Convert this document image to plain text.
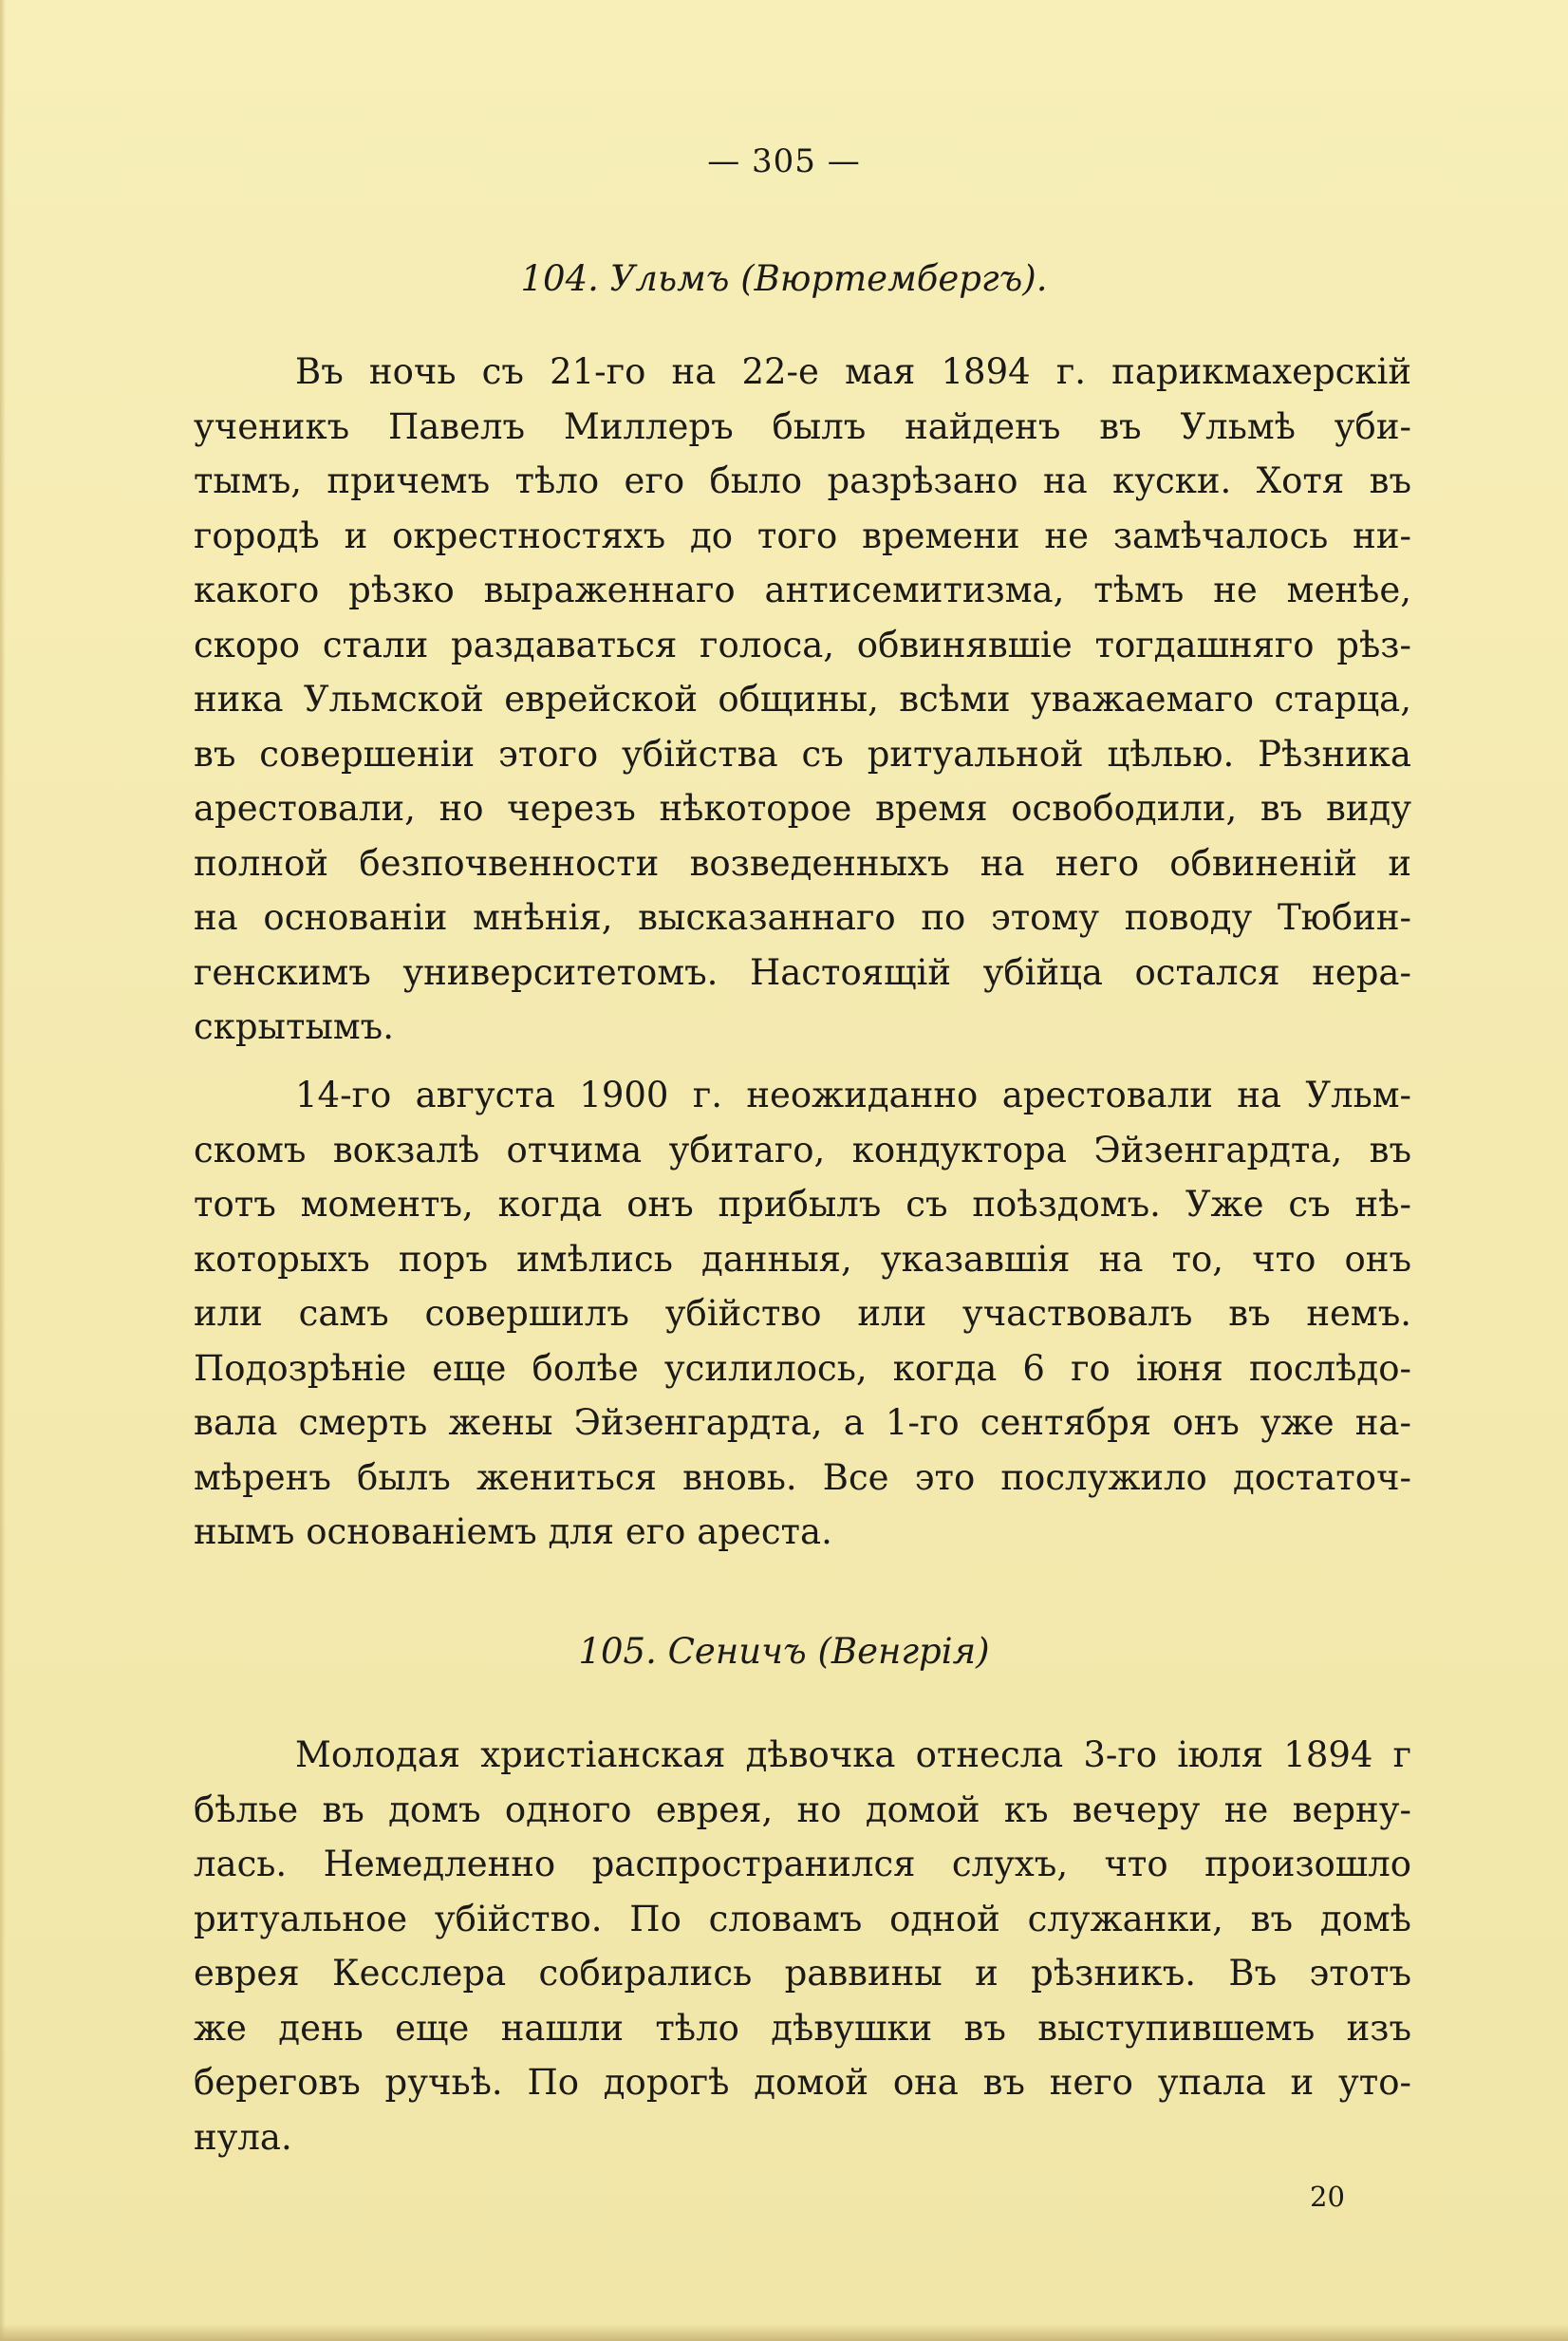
— 305 —
104. Ульмъ (Вюртембергъ).
Въ ночь съ 21-го на 22-е мая 1894 г. парикмахерскій
ученикъ Павелъ Миллеръ былъ найденъ въ Ульмѣ уби-
тымъ, причемъ тѣло его было разрѣзано на куски. Хотя въ
городѣ и окрестностяхъ до того времени не замѣчалось ни-
какого рѣзко выраженнаго антисемитизма, тѣмъ не менѣе,
скоро стали раздаваться голоса, обвинявшіе тогдашняго рѣз-
ника Ульмской еврейской общины, всѣми уважаемаго старца,
въ совершеніи этого убійства съ ритуальной цѣлью. Рѣзника
арестовали, но черезъ нѣкоторое время освободили, въ виду
полной безпочвенности возведенныхъ на него обвиненій и
на основаніи мнѣнія, высказаннаго по этому поводу Тюбин-
генскимъ университетомъ. Настоящій убійца остался нера-
скрытымъ.
14-го августа 1900 г. неожиданно арестовали на Ульм-
скомъ вокзалѣ отчима убитаго, кондуктора Эйзенгардта, въ
тотъ моментъ, когда онъ прибылъ съ поѣздомъ. Уже съ нѣ-
которыхъ поръ имѣлись данныя, указавшія на то, что онъ
или самъ совершилъ убійство или участвовалъ въ немъ.
Подозрѣніе еще болѣе усилилось, когда 6 го іюня послѣдо-
вала смерть жены Эйзенгардта, а 1-го сентября онъ уже на-
мѣренъ былъ жениться вновь. Все это послужило достаточ-
нымъ основаніемъ для его ареста.
105. Сеничъ (Венгрія)
Молодая христіанская дѣвочка отнесла 3-го іюля 1894 г
бѣлье въ домъ одного еврея, но домой къ вечеру не верну-
лась. Немедленно распространился слухъ, что произошло
ритуальное убійство. По словамъ одной служанки, въ домѣ
еврея Кесслера собирались раввины и рѣзникъ. Въ этотъ
же день еще нашли тѣло дѣвушки въ выступившемъ изъ
береговъ ручьѣ. По дорогѣ домой она въ него упала и уто-
нула.
20
